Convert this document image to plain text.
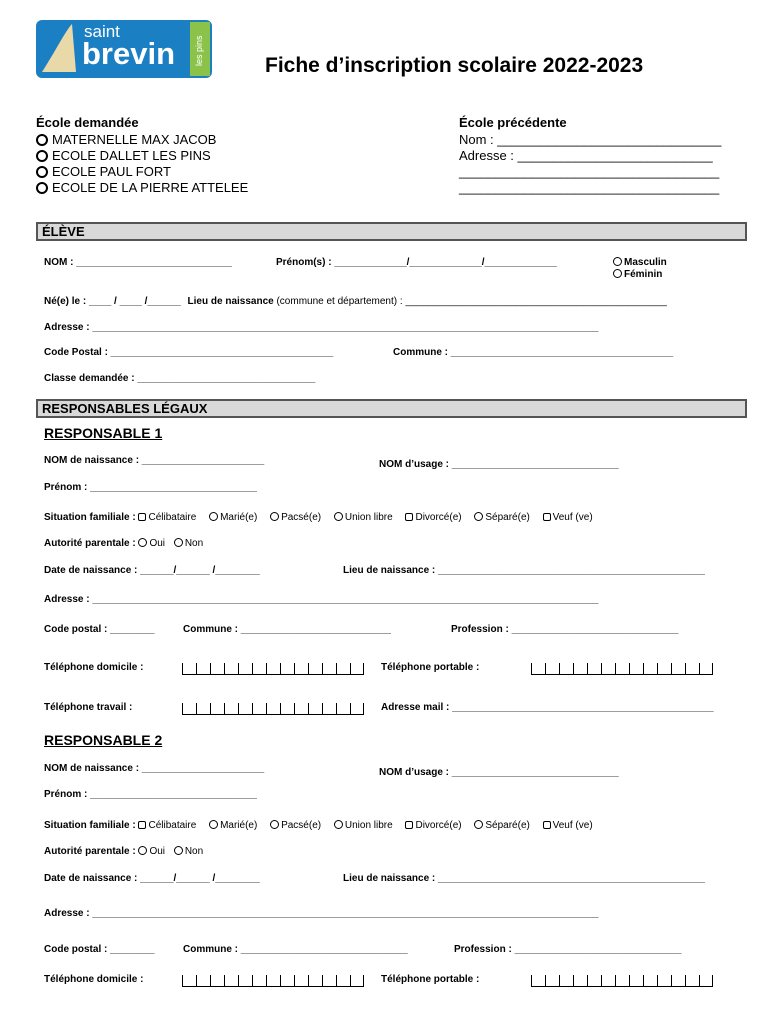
saint
brevin les pins	Fiche d’inscription scolaire 2022-2023
École demandée
MATERNELLE MAX JACOB
ECOLE DALLET LES PINS
ECOLE PAUL FORT
ECOLE DE LA PIERRE ATTELEE
École précédente
Nom : _______________________________
Adresse : ___________________________
____________________________________
____________________________________
ÉLÈVE
NOM : ____________________________	Prénom(s) : _____________/_____________/_____________	Masculin
Féminin
Né(e) le : ____ / ____ /______ Lieu de naissance (commune et département) : _______________________________________________
Adresse : ___________________________________________________________________________________________
Code Postal : ________________________________________	Commune : ________________________________________
Classe demandée : ________________________________
RESPONSABLES LÉGAUX
RESPONSABLE 1
NOM de naissance : ______________________	NOM d’usage : ______________________________
Prénom : ______________________________
Situation familiale : Célibataire Marié(e) Pacsé(e) Union libre Divorcé(e) Séparé(e) Veuf (ve)
Autorité parentale : Oui Non
Date de naissance : ______/______ /________	Lieu de naissance : ________________________________________________
Adresse : ___________________________________________________________________________________________
Code postal : ________	Commune : ___________________________	Profession : ______________________________
Téléphone domicile :	Téléphone portable :
Téléphone travail :	Adresse mail : _______________________________________________
RESPONSABLE 2
NOM de naissance : ______________________	NOM d’usage : ______________________________
Prénom : ______________________________
Situation familiale : Célibataire Marié(e) Pacsé(e) Union libre Divorcé(e) Séparé(e) Veuf (ve)
Autorité parentale : Oui Non
Date de naissance : ______/______ /________	Lieu de naissance : ________________________________________________
Adresse : ___________________________________________________________________________________________
Code postal : ________	Commune : ______________________________	Profession : ______________________________
Téléphone domicile :	Téléphone portable :
